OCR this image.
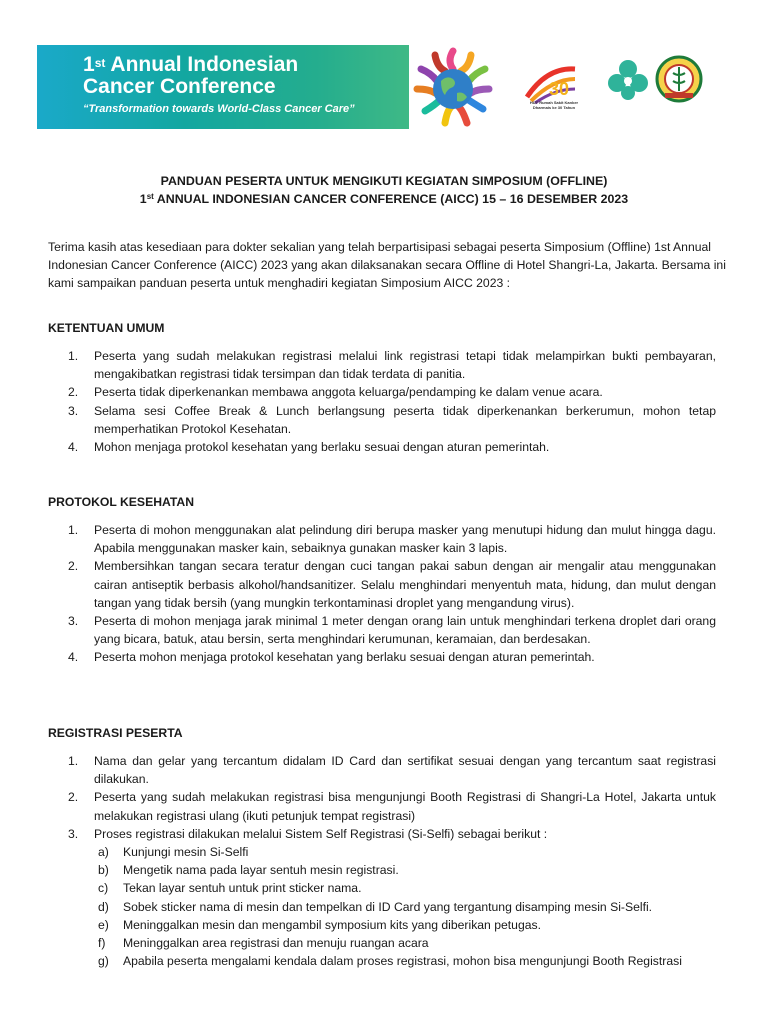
1st Annual Indonesian
Cancer Conference
“Transformation towards World-Class Cancer Care”
30
HUT Rumah Sakit Kanker Dharmais ke 30 Tahun
PANDUAN PESERTA UNTUK MENGIKUTI KEGIATAN SIMPOSIUM (OFFLINE)
1st ANNUAL INDONESIAN CANCER CONFERENCE (AICC) 15 – 16 DESEMBER 2023
Terima kasih atas kesediaan para dokter sekalian yang telah berpartisipasi sebagai peserta Simposium (Offline) 1st Annual Indonesian Cancer Conference (AICC) 2023 yang akan dilaksanakan secara Offline di Hotel Shangri-La, Jakarta. Bersama ini kami sampaikan panduan peserta untuk menghadiri kegiatan Simposium AICC 2023 :
KETENTUAN UMUM
1. Peserta yang sudah melakukan registrasi melalui link registrasi tetapi tidak melampirkan bukti pembayaran, mengakibatkan registrasi tidak tersimpan dan tidak terdata di panitia.
2. Peserta tidak diperkenankan membawa anggota keluarga/pendamping ke dalam venue acara.
3. Selama sesi Coffee Break & Lunch berlangsung peserta tidak diperkenankan berkerumun, mohon tetap memperhatikan Protokol Kesehatan.
4. Mohon menjaga protokol kesehatan yang berlaku sesuai dengan aturan pemerintah.
PROTOKOL KESEHATAN
1. Peserta di mohon menggunakan alat pelindung diri berupa masker yang menutupi hidung dan mulut hingga dagu. Apabila menggunakan masker kain, sebaiknya gunakan masker kain 3 lapis.
2. Membersihkan tangan secara teratur dengan cuci tangan pakai sabun dengan air mengalir atau menggunakan cairan antiseptik berbasis alkohol/handsanitizer. Selalu menghindari menyentuh mata, hidung, dan mulut dengan tangan yang tidak bersih (yang mungkin terkontaminasi droplet yang mengandung virus).
3. Peserta di mohon menjaga jarak minimal 1 meter dengan orang lain untuk menghindari terkena droplet dari orang yang bicara, batuk, atau bersin, serta menghindari kerumunan, keramaian, dan berdesakan.
4. Peserta mohon menjaga protokol kesehatan yang berlaku sesuai dengan aturan pemerintah.
REGISTRASI PESERTA
1. Nama dan gelar yang tercantum didalam ID Card dan sertifikat sesuai dengan yang tercantum saat registrasi dilakukan.
2. Peserta yang sudah melakukan registrasi bisa mengunjungi Booth Registrasi di Shangri-La Hotel, Jakarta untuk melakukan registrasi ulang (ikuti petunjuk tempat registrasi)
3. Proses registrasi dilakukan melalui Sistem Self Registrasi (Si-Selfi) sebagai berikut :
a) Kunjungi mesin Si-Selfi
b) Mengetik nama pada layar sentuh mesin registrasi.
c) Tekan layar sentuh untuk print sticker nama.
d) Sobek sticker nama di mesin dan tempelkan di ID Card yang tergantung disamping mesin Si-Selfi.
e) Meninggalkan mesin dan mengambil symposium kits yang diberikan petugas.
f) Meninggalkan area registrasi dan menuju ruangan acara
g) Apabila peserta mengalami kendala dalam proses registrasi, mohon bisa mengunjungi Booth Registrasi
